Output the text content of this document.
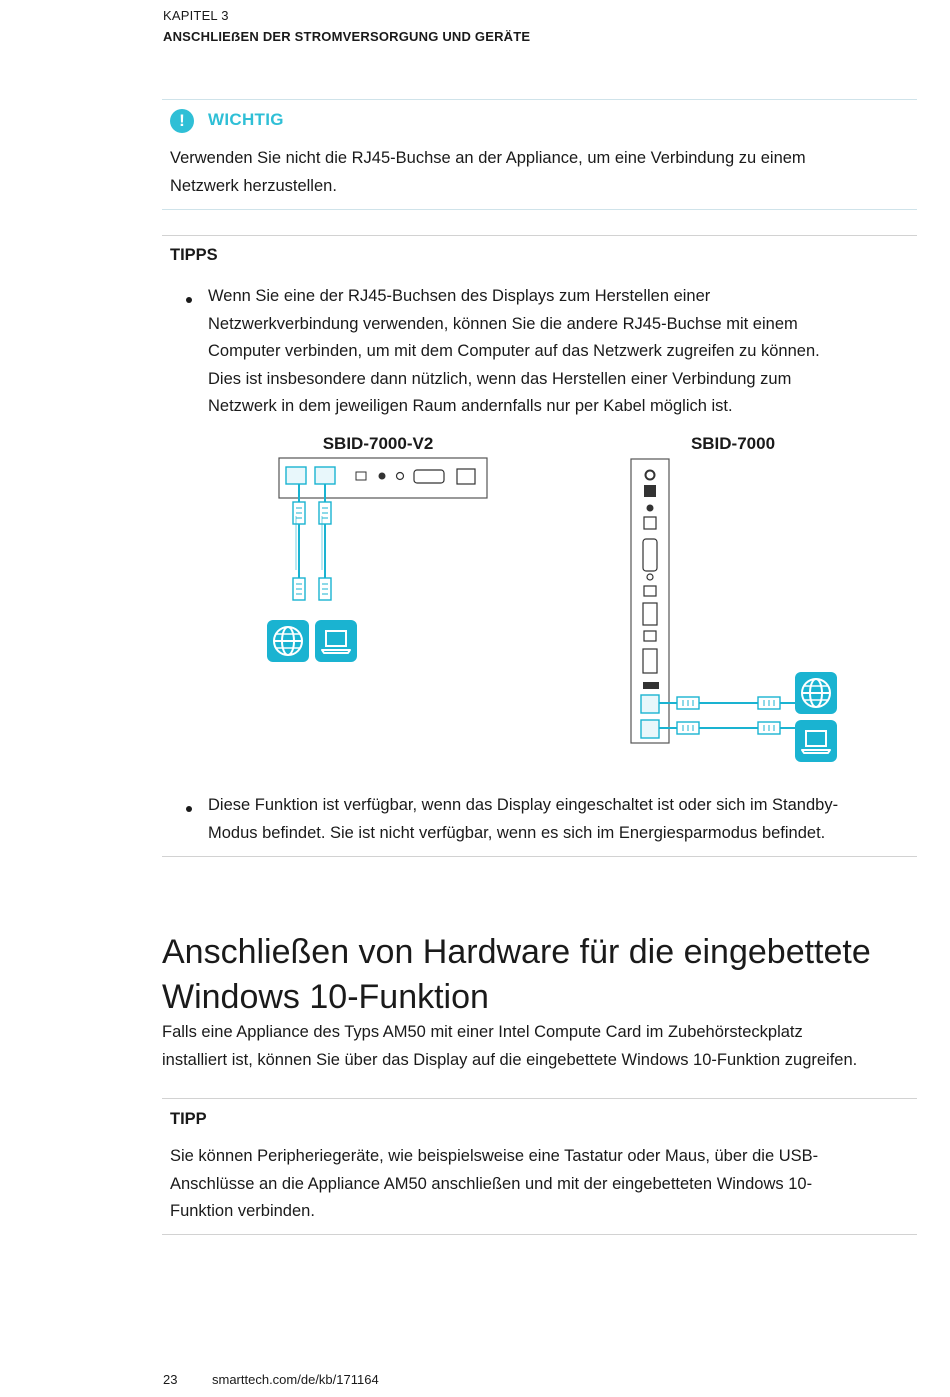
KAPITEL 3
ANSCHLIEẞEN DER STROMVERSORGUNG UND GERÄTE
!	WICHTIG
Verwenden Sie nicht die RJ45-Buchse an der Appliance, um eine Verbindung zu einem
Netzwerk herzustellen.
TIPPS
Wenn Sie eine der RJ45-Buchsen des Displays zum Herstellen einer
Netzwerkverbindung verwenden, können Sie die andere RJ45-Buchse mit einem
Computer verbinden, um mit dem Computer auf das Netzwerk zugreifen zu können.
Dies ist insbesondere dann nützlich, wenn das Herstellen einer Verbindung zum
Netzwerk in dem jeweiligen Raum andernfalls nur per Kabel möglich ist.
SBID-7000-V2	SBID-7000
Diese Funktion ist verfügbar, wenn das Display eingeschaltet ist oder sich im Standby-
Modus befindet. Sie ist nicht verfügbar, wenn es sich im Energiesparmodus befindet.
Anschließen von Hardware für die eingebettete
Windows 10-Funktion
Falls eine Appliance des Typs AM50 mit einer Intel Compute Card im Zubehörsteckplatz
installiert ist, können Sie über das Display auf die eingebettete Windows 10-Funktion zugreifen.
TIPP
Sie können Peripheriegeräte, wie beispielsweise eine Tastatur oder Maus, über die USB-
Anschlüsse an die Appliance AM50 anschließen und mit der eingebetteten Windows 10-
Funktion verbinden.
23	smarttech.com/de/kb/171164
